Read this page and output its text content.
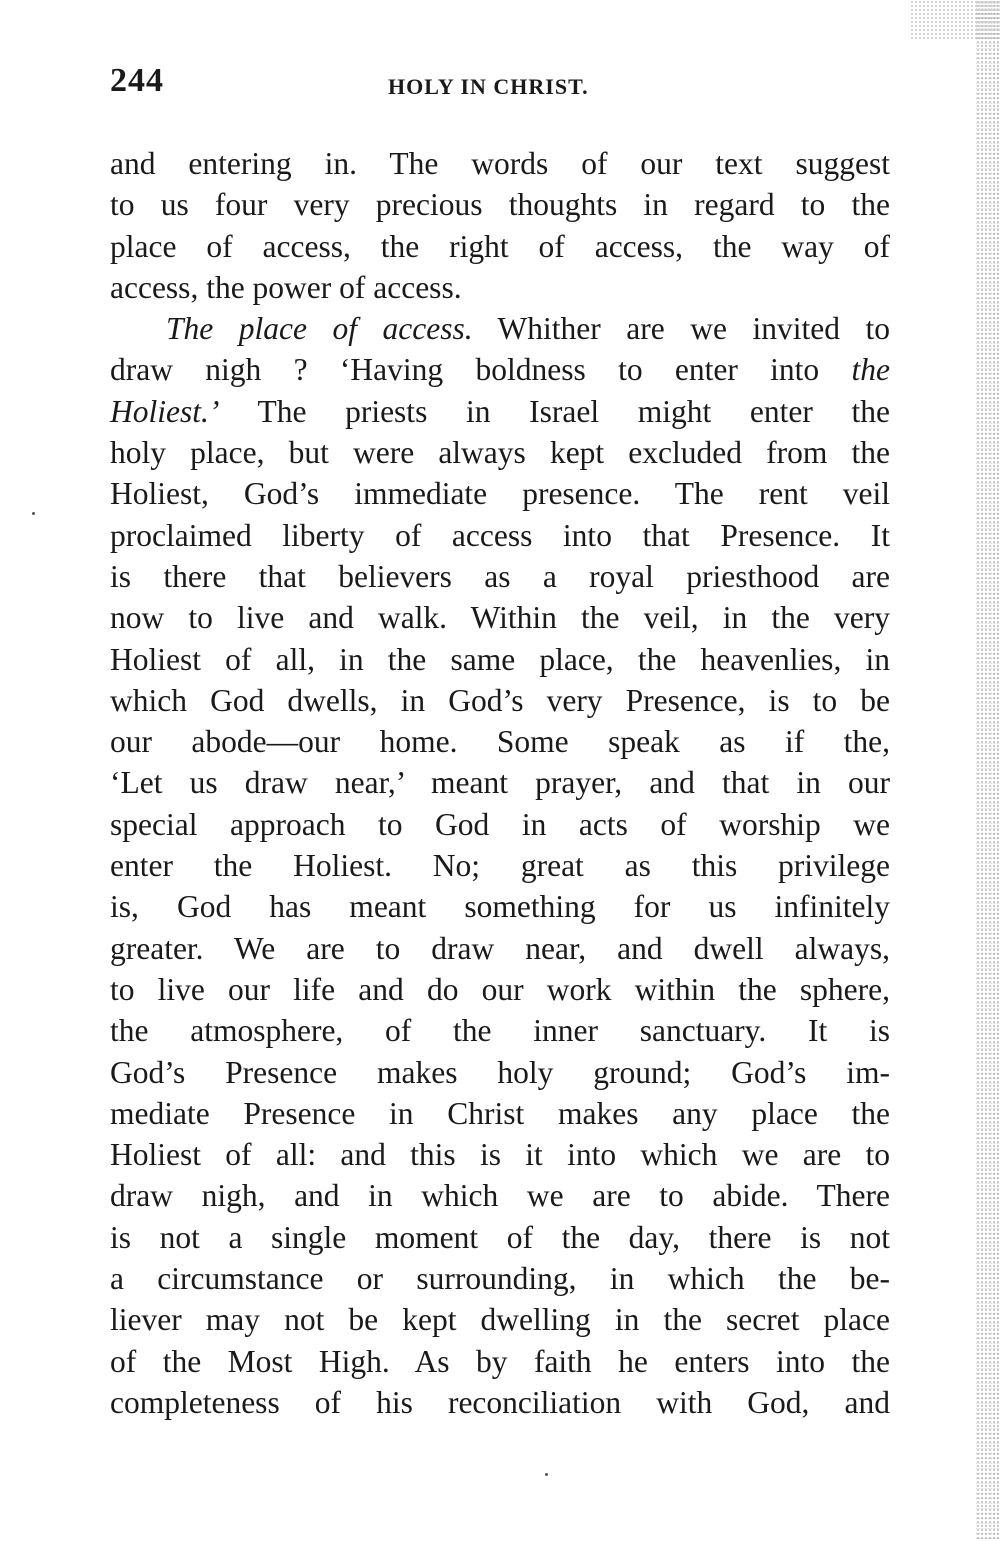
244	HOLY IN CHRIST.
and entering in. The words of our text suggest
to us four very precious thoughts in regard to the
place of access, the right of access, the way of
access, the power of access.
The place of access. Whither are we invited to
draw nigh ? ‘Having boldness to enter into the
Holiest.’ The priests in Israel might enter the
holy place, but were always kept excluded from the
Holiest, God’s immediate presence. The rent veil
proclaimed liberty of access into that Presence. It
is there that believers as a royal priesthood are
now to live and walk. Within the veil, in the very
Holiest of all, in the same place, the heavenlies, in
which God dwells, in God’s very Presence, is to be
our abode—our home. Some speak as if the,
‘Let us draw near,’ meant prayer, and that in our
special approach to God in acts of worship we
enter the Holiest. No; great as this privilege
is, God has meant something for us infinitely
greater. We are to draw near, and dwell always,
to live our life and do our work within the sphere,
the atmosphere, of the inner sanctuary. It is
God’s Presence makes holy ground; God’s im-
mediate Presence in Christ makes any place the
Holiest of all: and this is it into which we are to
draw nigh, and in which we are to abide. There
is not a single moment of the day, there is not
a circumstance or surrounding, in which the be-
liever may not be kept dwelling in the secret place
of the Most High. As by faith he enters into the
completeness of his reconciliation with God, and
